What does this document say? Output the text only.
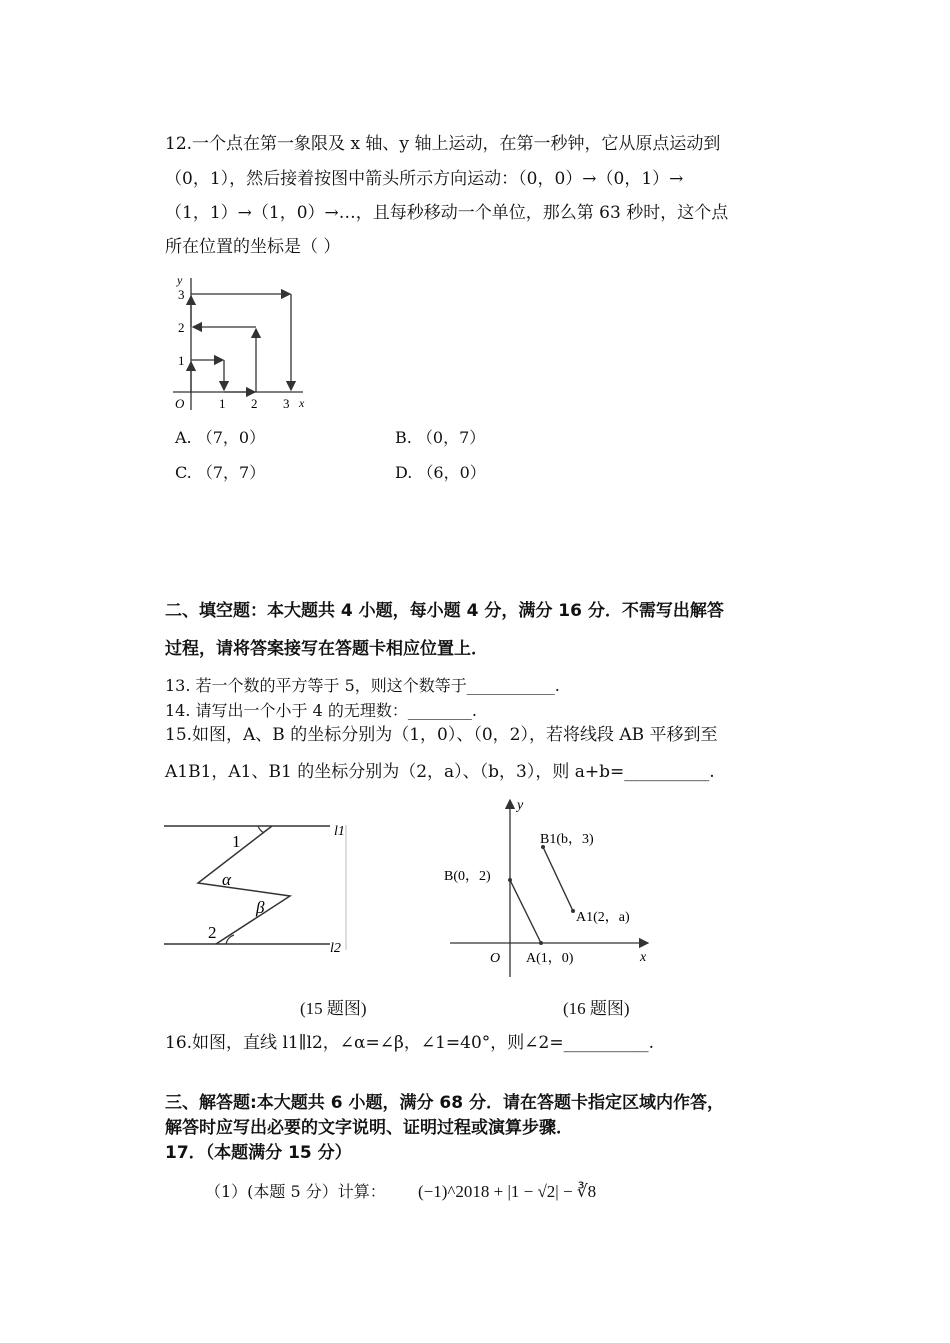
12.一个点在第一象限及 x 轴、y 轴上运动，在第一秒钟，它从原点运动到
（0，1），然后接着按图中箭头所示方向运动：（0，0）→（0，1）→
（1，1）→（1，0）→…，且每秒移动一个单位，那么第 63 秒时，这个点
所在位置的坐标是（ ）
y
x
O	1 2 3
1
2
3
A. （7，0）	B. （0，7）
C. （7，7）	D. （6，0）
二、填空题：本大题共 4 小题，每小题 4 分，满分 16 分．不需写出解答
过程，请将答案接写在答题卡相应位置上．
13. 若一个数的平方等于 5，则这个数等于___________.
14. 请写出一个小于 4 的无理数：________.
15.如图，A、B 的坐标分别为（1，0）、（0，2），若将线段 AB 平移到至
A1B1，A1、B1 的坐标分别为（2，a）、（b，3），则 a+b=__________.
1
α
β
2
l1
l2
y
x
O
B(0，2)
A(1，0)
B1(b，3)
A1(2，a)
(15 题图)	(16 题图)
16.如图，直线 l1∥l2，∠α=∠β，∠1=40°，则∠2=__________.
三、解答题:本大题共 6 小题，满分 68 分．请在答题卡指定区域内作答，
解答时应写出必要的文字说明、证明过程或演算步骤．
17．（本题满分 15 分）
（1）(本题 5 分）计算： (−1)^2018 + |1 − √2| − ∛8
